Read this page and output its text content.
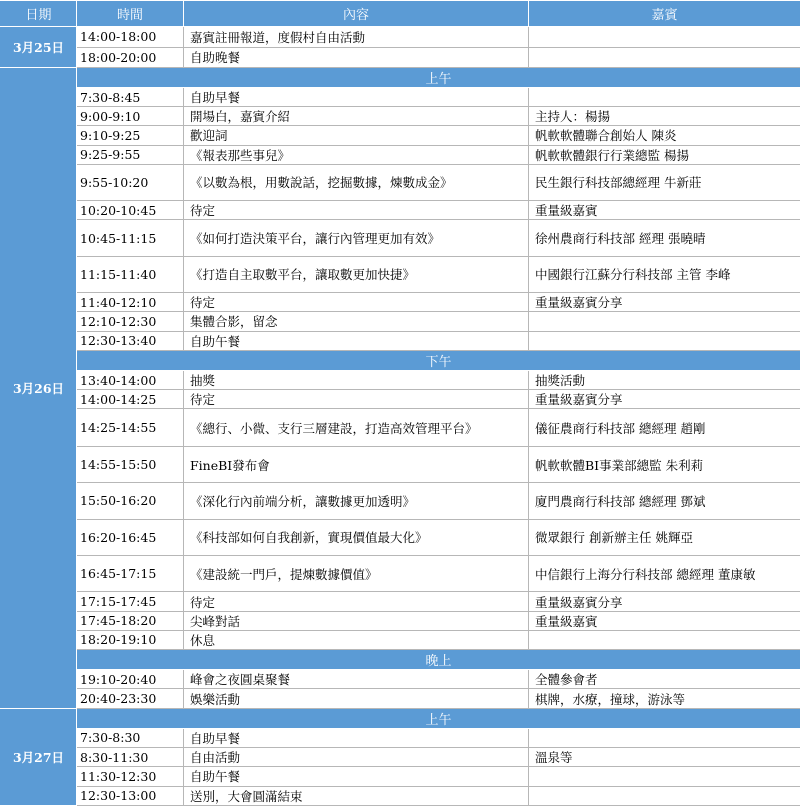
日期	時間	內容	嘉賓
3月25日	14:00-18:00	嘉賓註冊報道，度假村自由活動	
	18:00-20:00	自助晚餐	
3月26日	上午		
	7:30-8:45	自助早餐	
	9:00-9:10	開場白，嘉賓介紹	主持人：楊揚
	9:10-9:25	歡迎詞	帆軟軟體聯合創始人 陳炎
	9:25-9:55	《報表那些事兒》	帆軟軟體銀行行業總監 楊揚
	9:55-10:20	《以數為根，用數說話，挖掘數據，煉數成金》	民生銀行科技部總經理 牛新莊
	10:20-10:45	待定	重量級嘉賓
	10:45-11:15	《如何打造決策平台，讓行內管理更加有效》	徐州農商行科技部 經理 張曉晴
	11:15-11:40	《打造自主取數平台，讓取數更加快捷》	中國銀行江蘇分行科技部 主管 李峰
	11:40-12:10	待定	重量級嘉賓分享
	12:10-12:30	集體合影，留念	
	12:30-13:40	自助午餐	
	下午		
	13:40-14:00	抽獎	抽獎活動
	14:00-14:25	待定	重量級嘉賓分享
	14:25-14:55	《總行、小微、支行三層建設，打造高效管理平台》	儀征農商行科技部 總經理 趙剛
	14:55-15:50	FineBI發布會	帆軟軟體BI事業部總監 朱利莉
	15:50-16:20	《深化行內前端分析，讓數據更加透明》	廈門農商行科技部 總經理 鄧斌
	16:20-16:45	《科技部如何自我創新，實現價值最大化》	微眾銀行 創新辦主任 姚輝亞
	16:45-17:15	《建設統一門戶，提煉數據價值》	中信銀行上海分行科技部 總經理 董康敏
	17:15-17:45	待定	重量級嘉賓分享
	17:45-18:20	尖峰對話	重量級嘉賓
	18:20-19:10	休息	
	晚上		
	19:10-20:40	峰會之夜圓桌聚餐	全體參會者
	20:40-23:30	娛樂活動	棋牌，水療，撞球，游泳等
3月27日	上午		
	7:30-8:30	自助早餐	
	8:30-11:30	自由活動	溫泉等
	11:30-12:30	自助午餐	
	12:30-13:00	送別，大會圓滿結束	
